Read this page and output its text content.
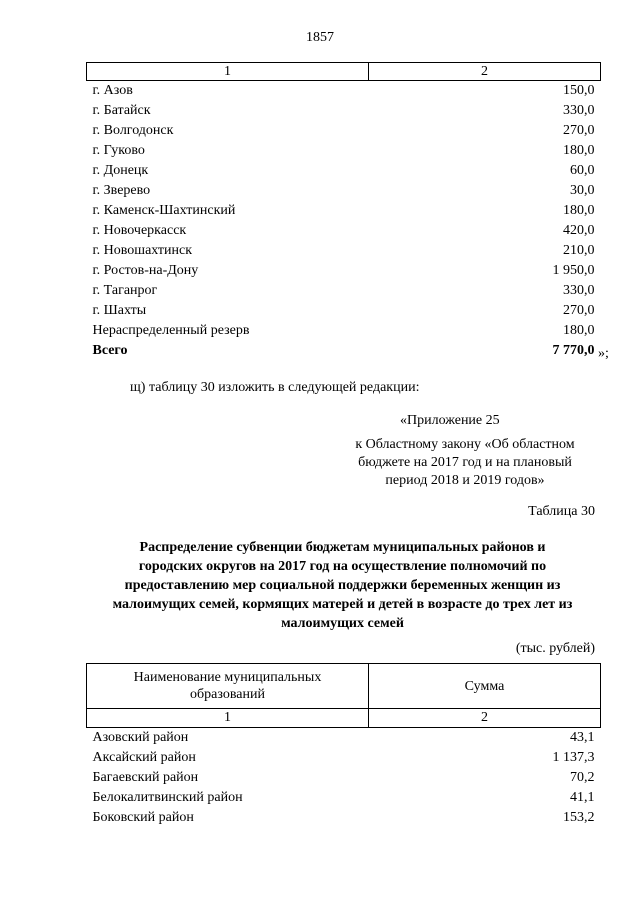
1857
1	2
г. Азов	150,0
г. Батайск	330,0
г. Волгодонск	270,0
г. Гуково	180,0
г. Донецк	60,0
г. Зверево	30,0
г. Каменск-Шахтинский	180,0
г. Новочеркасск	420,0
г. Новошахтинск	210,0
г. Ростов-на-Дону	1 950,0
г. Таганрог	330,0
г. Шахты	270,0
Нераспределенный резерв	180,0
Всего	7 770,0 »;
щ) таблицу 30 изложить в следующей редакции:
«Приложение 25
к Областному закону «Об областном
бюджете на 2017 год и на плановый
период 2018 и 2019 годов»
Таблица 30
Распределение субвенции бюджетам муниципальных районов и
городских округов на 2017 год на осуществление полномочий по
предоставлению мер социальной поддержки беременных женщин из
малоимущих семей, кормящих матерей и детей в возрасте до трех лет из
малоимущих семей
(тыс. рублей)
Наименование муниципальных образований	Сумма
1	2
Азовский район	43,1
Аксайский район	1 137,3
Багаевский район	70,2
Белокалитвинский район	41,1
Боковский район	153,2
